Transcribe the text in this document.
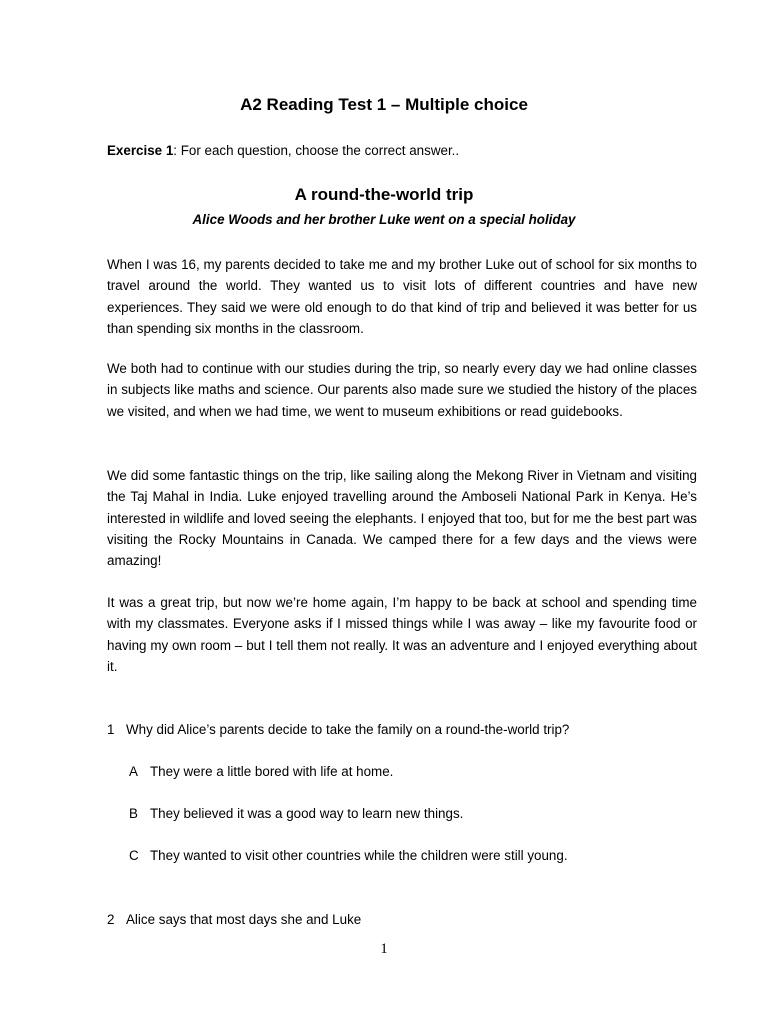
A2 Reading Test 1 – Multiple choice
Exercise 1: For each question, choose the correct answer..
A round-the-world trip
Alice Woods and her brother Luke went on a special holiday
When I was 16, my parents decided to take me and my brother Luke out of school for six months to travel around the world. They wanted us to visit lots of different countries and have new experiences. They said we were old enough to do that kind of trip and believed it was better for us than spending six months in the classroom.
We both had to continue with our studies during the trip, so nearly every day we had online classes in subjects like maths and science. Our parents also made sure we studied the history of the places we visited, and when we had time, we went to museum exhibitions or read guidebooks.
We did some fantastic things on the trip, like sailing along the Mekong River in Vietnam and visiting the Taj Mahal in India. Luke enjoyed travelling around the Amboseli National Park in Kenya. He’s interested in wildlife and loved seeing the elephants. I enjoyed that too, but for me the best part was visiting the Rocky Mountains in Canada. We camped there for a few days and the views were amazing!
It was a great trip, but now we’re home again, I’m happy to be back at school and spending time with my classmates. Everyone asks if I missed things while I was away – like my favourite food or having my own room – but I tell them not really. It was an adventure and I enjoyed everything about it.
1 Why did Alice’s parents decide to take the family on a round-the-world trip?
A They were a little bored with life at home.
B They believed it was a good way to learn new things.
C They wanted to visit other countries while the children were still young.
2 Alice says that most days she and Luke
1
